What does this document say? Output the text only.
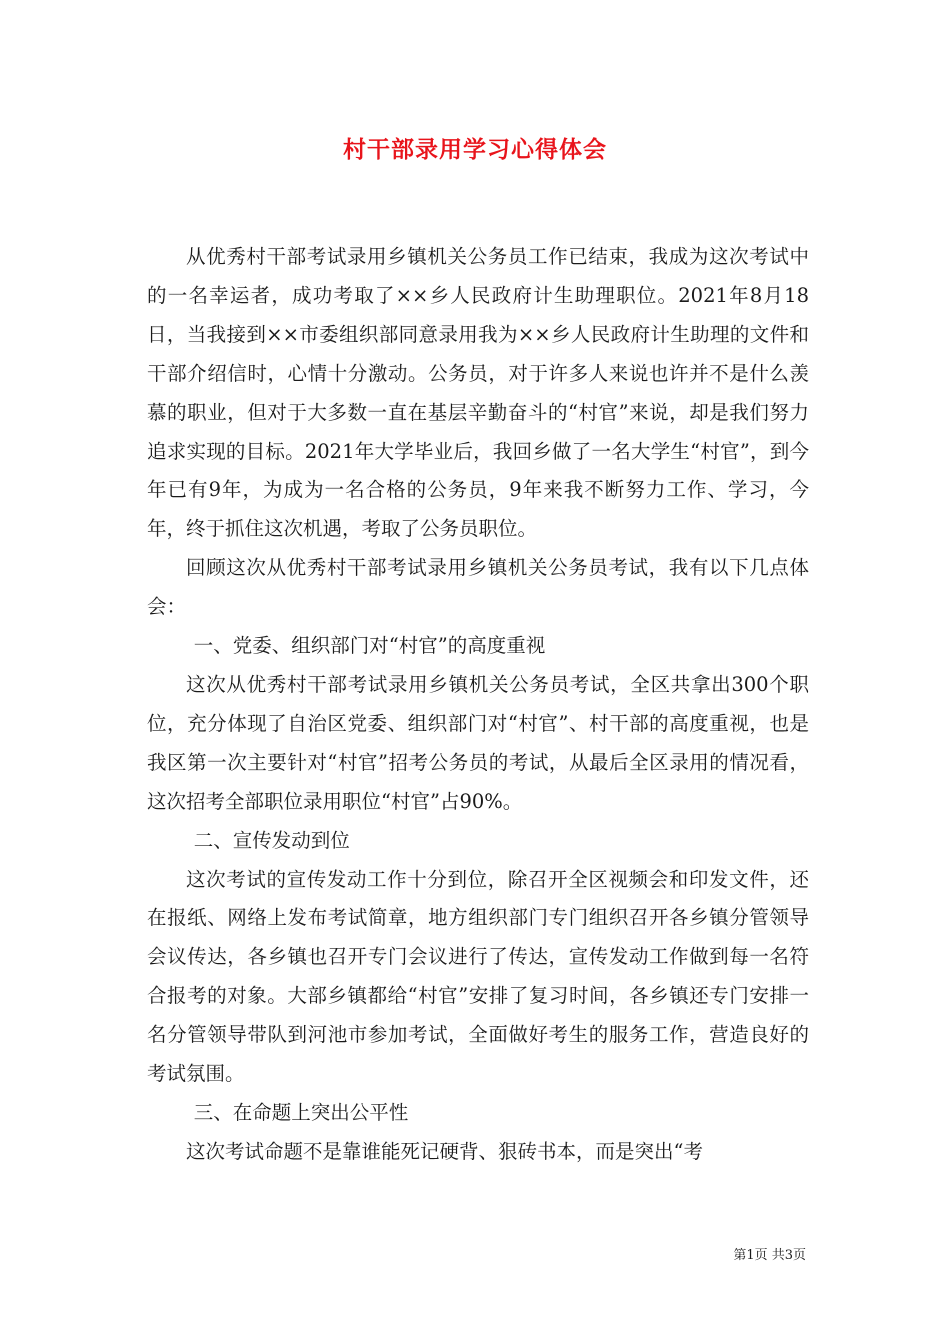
村干部录用学习心得体会

从优秀村干部考试录用乡镇机关公务员工作已结束，我成为这次考试中的一名幸运者，成功考取了××乡人民政府计生助理职位。2021年8月18日，当我接到××市委组织部同意录用我为××乡人民政府计生助理的文件和干部介绍信时，心情十分激动。公务员，对于许多人来说也许并不是什么羡慕的职业，但对于大多数一直在基层辛勤奋斗的“村官”来说，却是我们努力追求实现的目标。2021年大学毕业后，我回乡做了一名大学生“村官”，到今年已有9年，为成为一名合格的公务员，9年来我不断努力工作、学习，今年，终于抓住这次机遇，考取了公务员职位。

回顾这次从优秀村干部考试录用乡镇机关公务员考试，我有以下几点体会：

一、党委、组织部门对“村官”的高度重视

这次从优秀村干部考试录用乡镇机关公务员考试，全区共拿出300个职位，充分体现了自治区党委、组织部门对“村官”、村干部的高度重视，也是我区第一次主要针对“村官”招考公务员的考试，从最后全区录用的情况看，这次招考全部职位录用职位“村官”占90%。

二、宣传发动到位

这次考试的宣传发动工作十分到位，除召开全区视频会和印发文件，还在报纸、网络上发布考试简章，地方组织部门专门组织召开各乡镇分管领导会议传达，各乡镇也召开专门会议进行了传达，宣传发动工作做到每一名符合报考的对象。大部乡镇都给“村官”安排了复习时间，各乡镇还专门安排一名分管领导带队到河池市参加考试，全面做好考生的服务工作，营造良好的考试氛围。

三、在命题上突出公平性

这次考试命题不是靠谁能死记硬背、狠砖书本，而是突出“考

第1页 共3页
